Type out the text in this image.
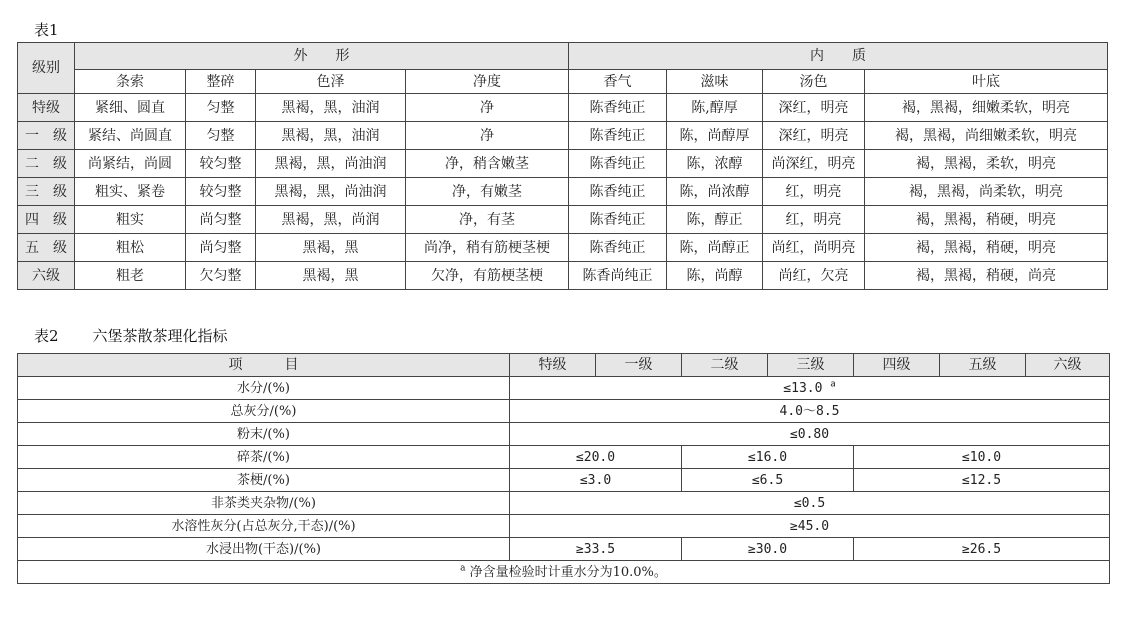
表1
级别	外　　形				内　　质			
	条索	整碎	色泽	净度	香气	滋味	汤色	叶底
特级	紧细、圆直	匀整	黑褐，黑，油润	净	陈香纯正	陈,醇厚	深红，明亮	褐，黑褐，细嫩柔软，明亮
一　级	紧结、尚圆直	匀整	黑褐，黑，油润	净	陈香纯正	陈，尚醇厚	深红，明亮	褐，黑褐，尚细嫩柔软，明亮
二　级	尚紧结，尚圆	较匀整	黑褐，黑，尚油润	净，稍含嫩茎	陈香纯正	陈，浓醇	尚深红，明亮	褐，黑褐，柔软，明亮
三　级	粗实、紧卷	较匀整	黑褐，黑，尚油润	净，有嫩茎	陈香纯正	陈，尚浓醇	红，明亮	褐，黑褐，尚柔软，明亮
四　级	粗实	尚匀整	黑褐，黑，尚润	净，有茎	陈香纯正	陈，醇正	红，明亮	褐，黑褐，稍硬，明亮
五　级	粗松	尚匀整	黑褐，黑	尚净，稍有筋梗茎梗	陈香纯正	陈，尚醇正	尚红，尚明亮	褐，黑褐，稍硬，明亮
六级	粗老	欠匀整	黑褐，黑	欠净，有筋梗茎梗	陈香尚纯正	陈，尚醇	尚红，欠亮	褐，黑褐，稍硬，尚亮
表2 六堡茶散茶理化指标
项　　　目	特级	一级	二级	三级	四级	五级	六级
水分/(%)	≤13.0 $^a$
总灰分/(%)	4.0～8.5						
粉末/(%)	≤0.80						
碎茶/(%)	≤20.0		≤16.0		≤10.0		
茶梗/(%)	≤3.0		≤6.5		≤12.5		
非茶类夹杂物/(%)	≤0.5						
水溶性灰分(占总灰分,干态)/(%)	≥45.0						
水浸出物(干态)/(%)	≥33.5		≥30.0		≥26.5		
$^a$ 净含量检验时计重水分为10.0%。							
